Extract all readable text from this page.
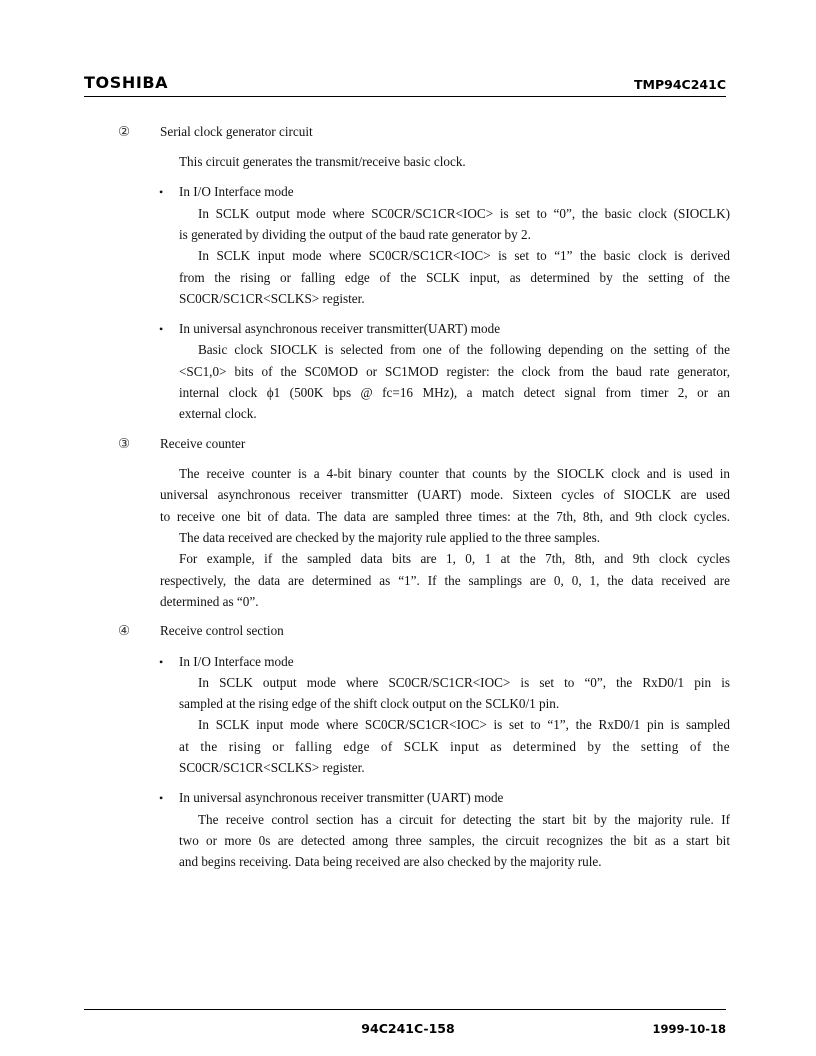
TOSHIBA	TMP94C241C
② Serial clock generator circuit
This circuit generates the transmit/receive basic clock.
• In I/O Interface mode
In SCLK output mode where SC0CR/SC1CR<IOC> is set to “0”, the basic clock (SIOCLK)
is generated by dividing the output of the baud rate generator by 2.
In SCLK input mode where SC0CR/SC1CR<IOC> is set to “1” the basic clock is derived
from the rising or falling edge of the SCLK input, as determined by the setting of the
SC0CR/SC1CR<SCLKS> register.
• In universal asynchronous receiver transmitter(UART) mode
Basic clock SIOCLK is selected from one of the following depending on the setting of the
<SC1,0> bits of the SC0MOD or SC1MOD register: the clock from the baud rate generator,
internal clock ϕ1 (500K bps @ fc=16 MHz), a match detect signal from timer 2, or an
external clock.
③ Receive counter
The receive counter is a 4-bit binary counter that counts by the SIOCLK clock and is used in
universal asynchronous receiver transmitter (UART) mode. Sixteen cycles of SIOCLK are used
to receive one bit of data. The data are sampled three times: at the 7th, 8th, and 9th clock cycles.
The data received are checked by the majority rule applied to the three samples.
For example, if the sampled data bits are 1, 0, 1 at the 7th, 8th, and 9th clock cycles
respectively, the data are determined as “1”. If the samplings are 0, 0, 1, the data received are
determined as “0”.
④ Receive control section
• In I/O Interface mode
In SCLK output mode where SC0CR/SC1CR<IOC> is set to “0”, the RxD0/1 pin is
sampled at the rising edge of the shift clock output on the SCLK0/1 pin.
In SCLK input mode where SC0CR/SC1CR<IOC> is set to “1”, the RxD0/1 pin is sampled
at the rising or falling edge of SCLK input as determined by the setting of the
SC0CR/SC1CR<SCLKS> register.
• In universal asynchronous receiver transmitter (UART) mode
The receive control section has a circuit for detecting the start bit by the majority rule. If
two or more 0s are detected among three samples, the circuit recognizes the bit as a start bit
and begins receiving. Data being received are also checked by the majority rule.
94C241C-158	1999-10-18
